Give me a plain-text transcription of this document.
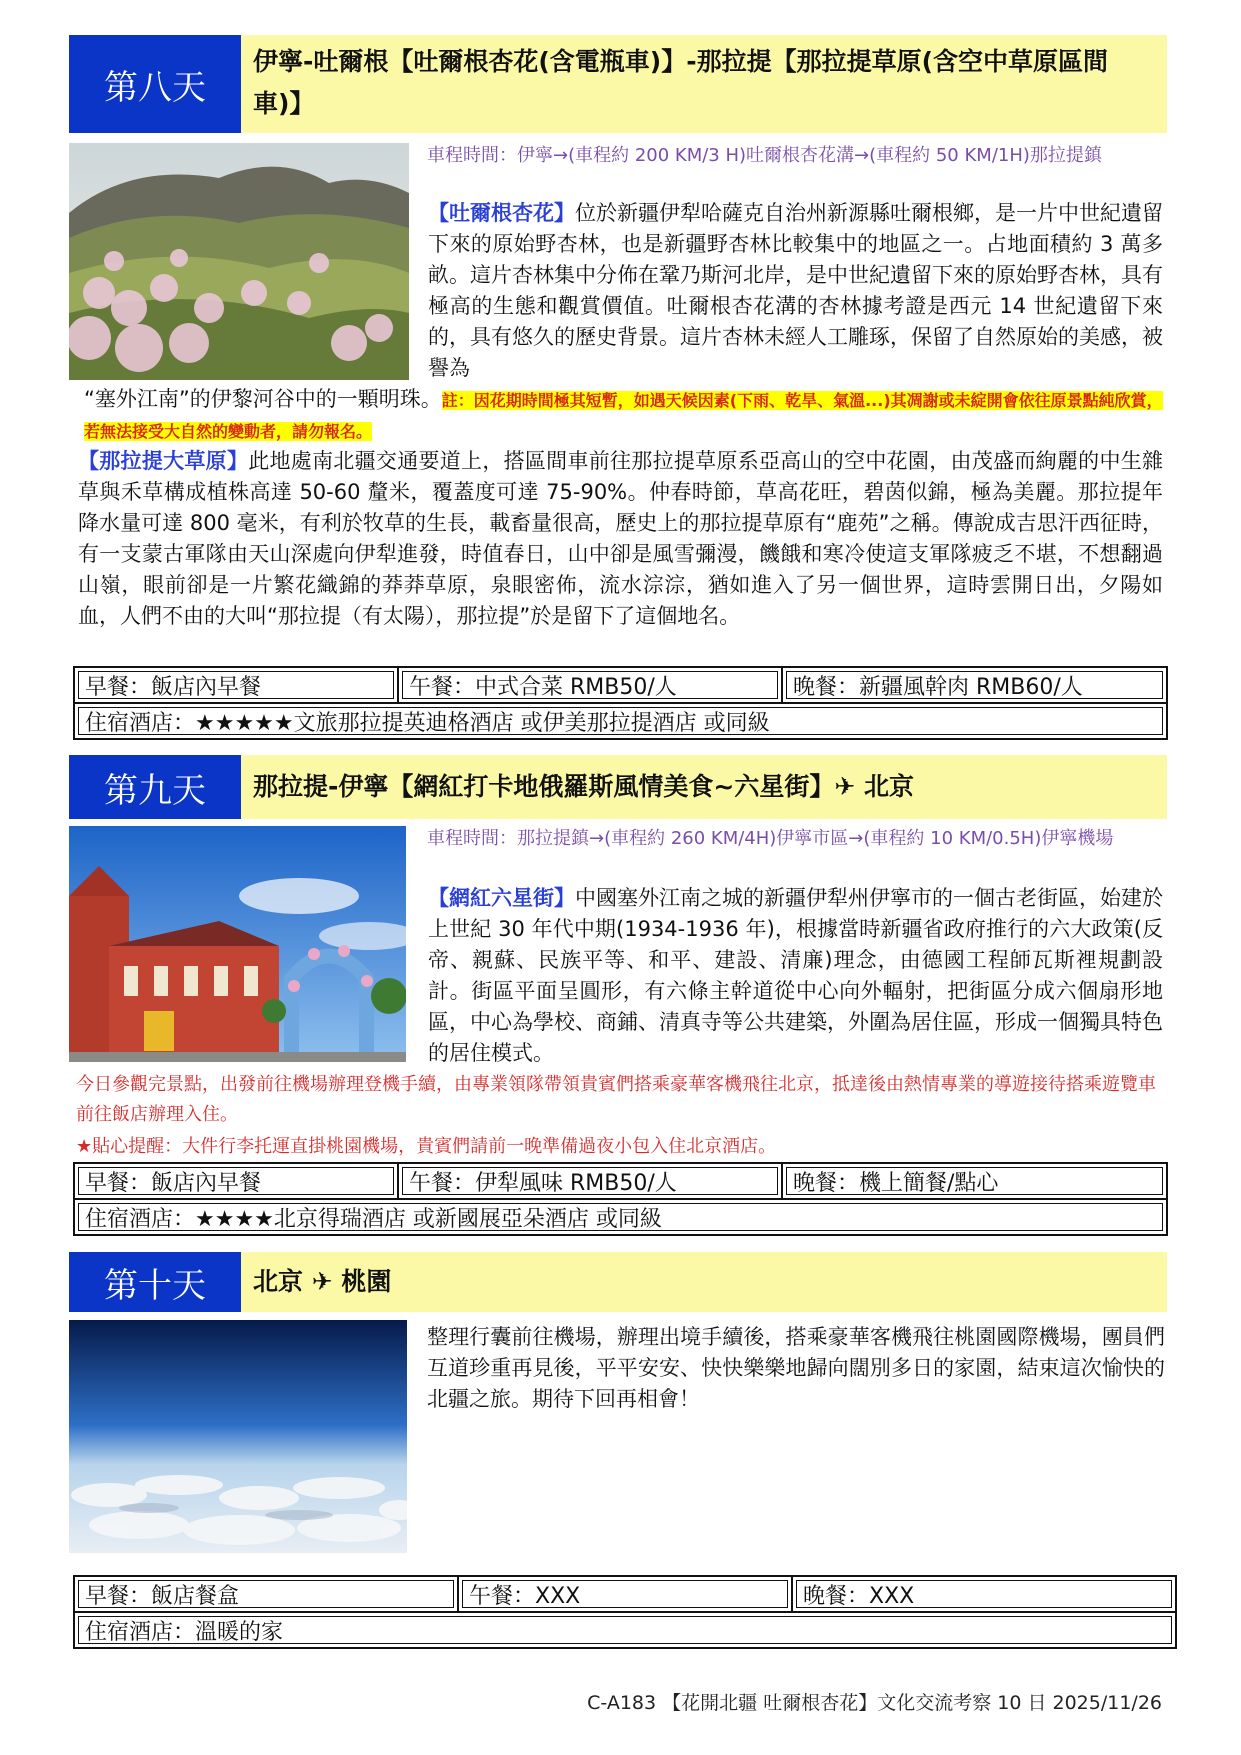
第八天
伊寧-吐爾根【吐爾根杏花(含電瓶車)】-那拉提【那拉提草原(含空中草原區間車)】
車程時間：伊寧→(車程約 200 KM/3 H)吐爾根杏花溝→(車程約 50 KM/1H)那拉提鎮
【吐爾根杏花】位於新疆伊犁哈薩克自治州新源縣吐爾根鄉，是一片中世紀遺留下來的原始野杏林，也是新疆野杏林比較集中的地區之一。占地面積約 3 萬多畝。這片杏林集中分佈在鞏乃斯河北岸，是中世紀遺留下來的原始野杏林，具有極高的生態和觀賞價值。吐爾根杏花溝的杏林據考證是西元 14 世紀遺留下來的，具有悠久的歷史背景。這片杏林未經人工雕琢，保留了自然原始的美感，被譽為
“塞外江南”的伊黎河谷中的一顆明珠。註：因花期時間極其短暫，如遇天候因素(下雨、乾旱、氣溫...)其凋謝或未綻開會依往原景點純欣賞，若無法接受大自然的變動者，請勿報名。
【那拉提大草原】此地處南北疆交通要道上，搭區間車前往那拉提草原系亞高山的空中花園，由茂盛而絢麗的中生雜草與禾草構成植株高達 50-60 釐米，覆蓋度可達 75-90%。仲春時節，草高花旺，碧茵似錦，極為美麗。那拉提年降水量可達 800 毫米，有利於牧草的生長，載畜量很高，歷史上的那拉提草原有“鹿苑”之稱。傳說成吉思汗西征時，有一支蒙古軍隊由天山深處向伊犁進發，時值春日，山中卻是風雪彌漫，饑餓和寒冷使這支軍隊疲乏不堪，不想翻過山嶺，眼前卻是一片繁花織錦的莽莽草原，泉眼密佈，流水淙淙，猶如進入了另一個世界，這時雲開日出，夕陽如血，人們不由的大叫“那拉提（有太陽），那拉提”於是留下了這個地名。
早餐：飯店內早餐	午餐：中式合菜 RMB50/人	晚餐：新疆風幹肉 RMB60/人
住宿酒店：★★★★★文旅那拉提英迪格酒店 或伊美那拉提酒店 或同級
第九天	那拉提-伊寧【網紅打卡地俄羅斯風情美食~六星街】✈ 北京
車程時間：那拉提鎮→(車程約 260 KM/4H)伊寧市區→(車程約 10 KM/0.5H)伊寧機場
【網紅六星街】中國塞外江南之城的新疆伊犁州伊寧市的一個古老街區，始建於上世紀 30 年代中期(1934-1936 年)，根據當時新疆省政府推行的六大政策(反帝、親蘇、民族平等、和平、建設、清廉)理念，由德國工程師瓦斯裡規劃設計。街區平面呈圓形，有六條主幹道從中心向外輻射，把街區分成六個扇形地區，中心為學校、商鋪、清真寺等公共建築，外圍為居住區，形成一個獨具特色的居住模式。
今日參觀完景點，出發前往機場辦理登機手續，由專業領隊帶領貴賓們搭乘豪華客機飛往北京，抵達後由熱情專業的導遊接待搭乘遊覽車前往飯店辦理入住。
★貼心提醒：大件行李托運直掛桃園機場，貴賓們請前一晚準備過夜小包入住北京酒店。
早餐：飯店內早餐	午餐：伊犁風味 RMB50/人	晚餐：機上簡餐/點心
住宿酒店：★★★★北京得瑞酒店 或新國展亞朵酒店 或同級
第十天	北京 ✈ 桃園
整理行囊前往機場，辦理出境手續後，搭乘豪華客機飛往桃園國際機場，團員們互道珍重再見後，平平安安、快快樂樂地歸向闊別多日的家園，結束這次愉快的北疆之旅。期待下回再相會！
早餐：飯店餐盒	午餐：XXX	晚餐：XXX
住宿酒店：溫暖的家
C-A183 【花開北疆 吐爾根杏花】文化交流考察 10 日 2025/11/26
